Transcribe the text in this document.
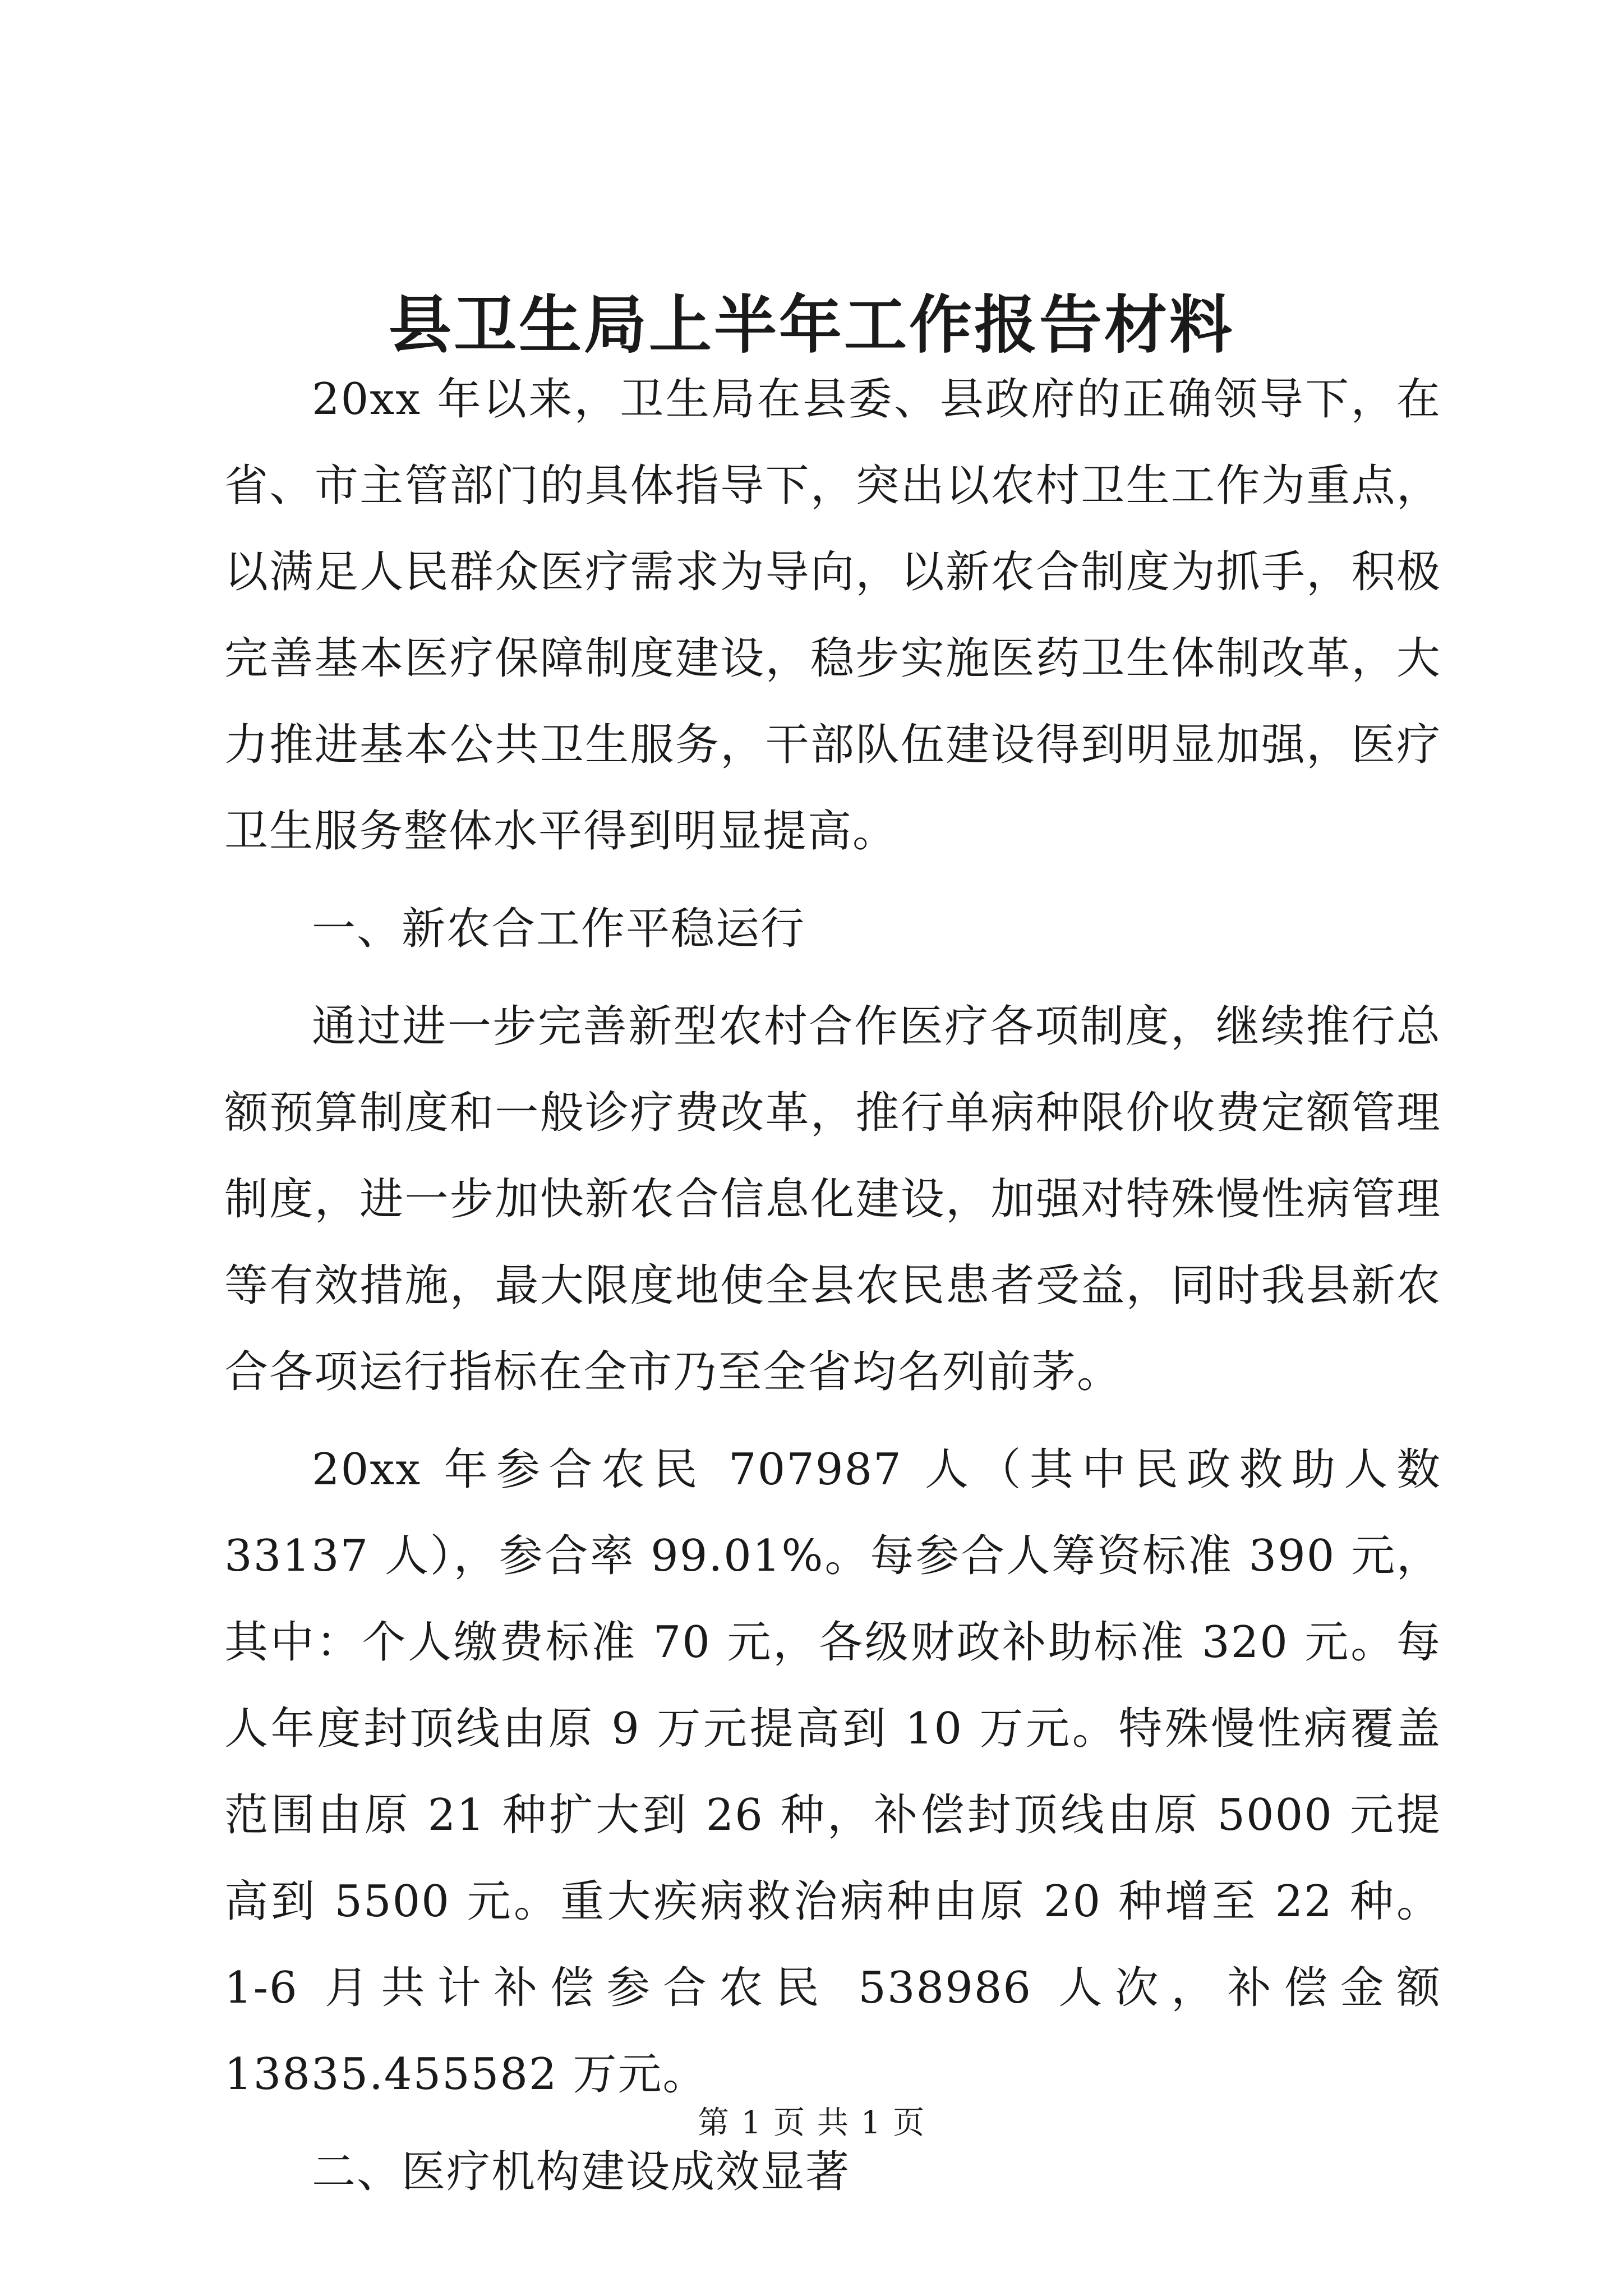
县卫生局上半年工作报告材料

20xx 年以来，卫生局在县委、县政府的正确领导下，在省、市主管部门的具体指导下，突出以农村卫生工作为重点，以满足人民群众医疗需求为导向，以新农合制度为抓手，积极完善基本医疗保障制度建设，稳步实施医药卫生体制改革，大力推进基本公共卫生服务，干部队伍建设得到明显加强，医疗卫生服务整体水平得到明显提高。

一、新农合工作平稳运行

通过进一步完善新型农村合作医疗各项制度，继续推行总额预算制度和一般诊疗费改革，推行单病种限价收费定额管理制度，进一步加快新农合信息化建设，加强对特殊慢性病管理等有效措施，最大限度地使全县农民患者受益，同时我县新农合各项运行指标在全市乃至全省均名列前茅。

20xx 年参合农民 707987 人（其中民政救助人数 33137 人），参合率 99.01%。每参合人筹资标准 390 元，其中：个人缴费标准 70 元，各级财政补助标准 320 元。每人年度封顶线由原 9 万元提高到 10 万元。特殊慢性病覆盖范围由原 21 种扩大到 26 种，补偿封顶线由原 5000 元提高到 5500 元。重大疾病救治病种由原 20 种增至 22 种。1-6 月共计补偿参合农民 538986 人次，补偿金额 13835.455582 万元。

二、医疗机构建设成效显著

第 1 页 共 1 页
